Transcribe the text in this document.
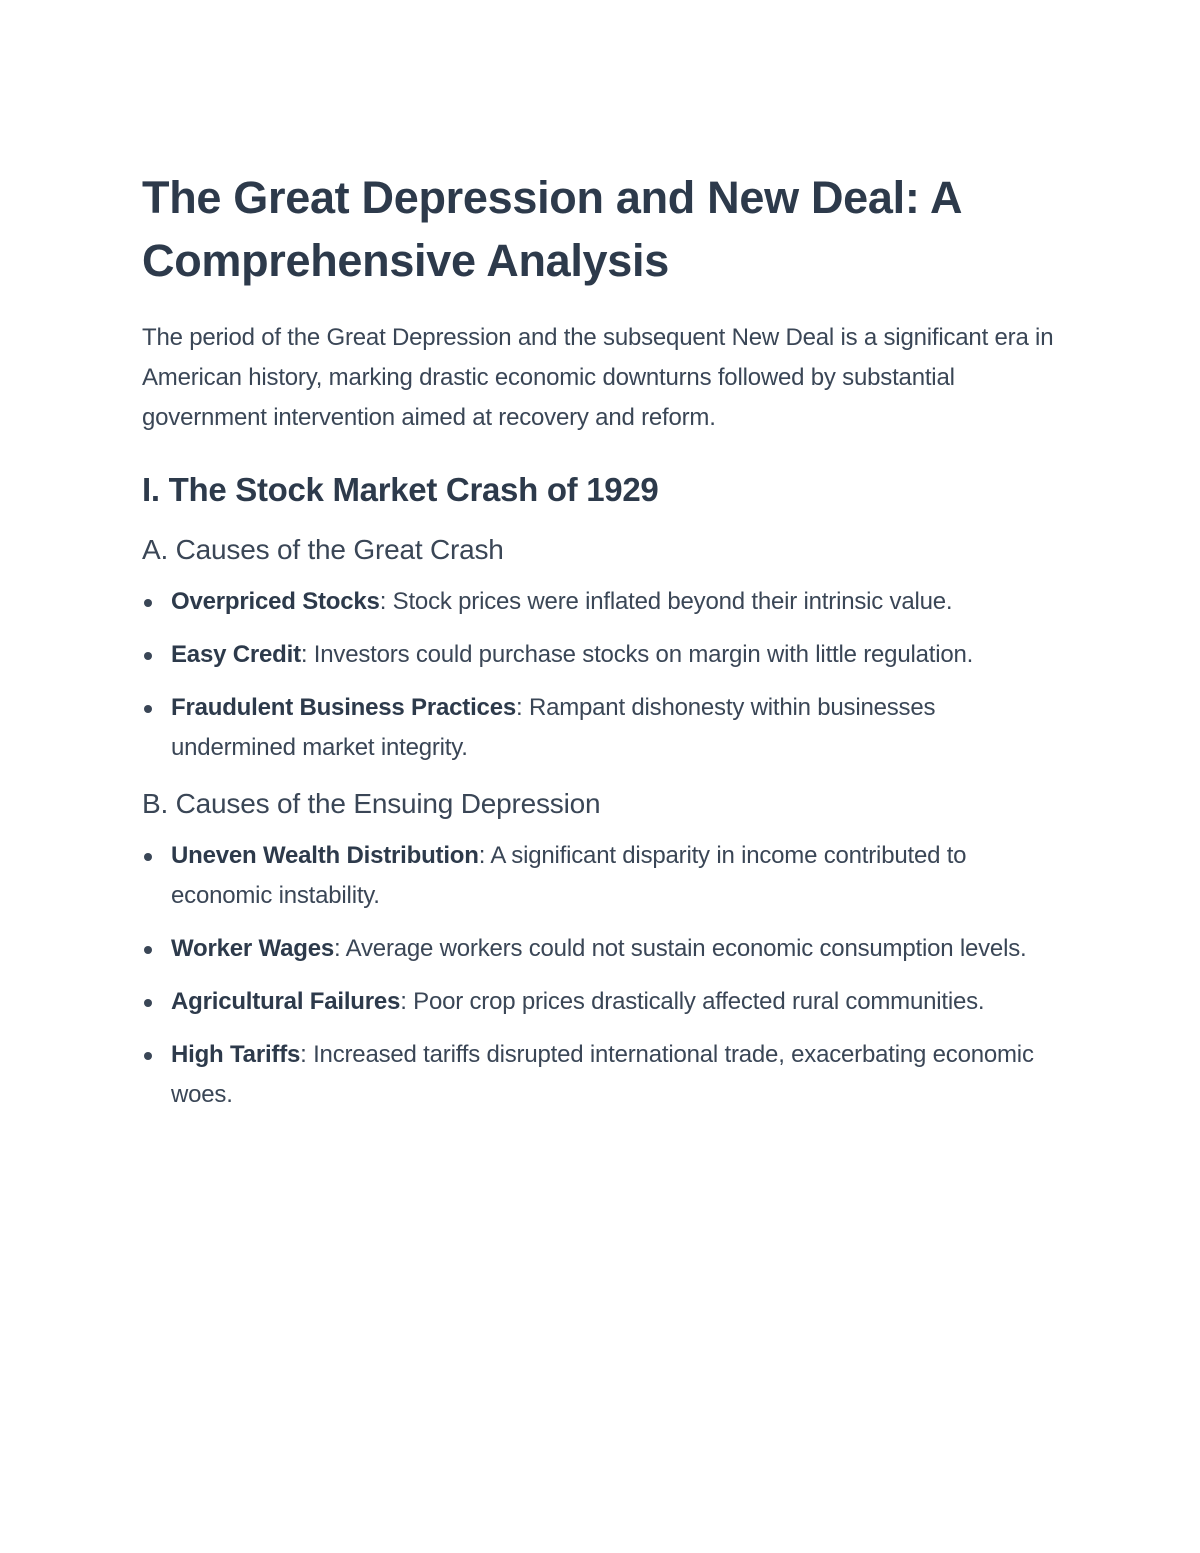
The Great Depression and New Deal: A Comprehensive Analysis

The period of the Great Depression and the subsequent New Deal is a significant era in American history, marking drastic economic downturns followed by substantial government intervention aimed at recovery and reform.

I. The Stock Market Crash of 1929
A. Causes of the Great Crash
Overpriced Stocks: Stock prices were inflated beyond their intrinsic value.
Easy Credit: Investors could purchase stocks on margin with little regulation.
Fraudulent Business Practices: Rampant dishonesty within businesses undermined market integrity.
B. Causes of the Ensuing Depression
Uneven Wealth Distribution: A significant disparity in income contributed to economic instability.
Worker Wages: Average workers could not sustain economic consumption levels.
Agricultural Failures: Poor crop prices drastically affected rural communities.
High Tariffs: Increased tariffs disrupted international trade, exacerbating economic woes.
